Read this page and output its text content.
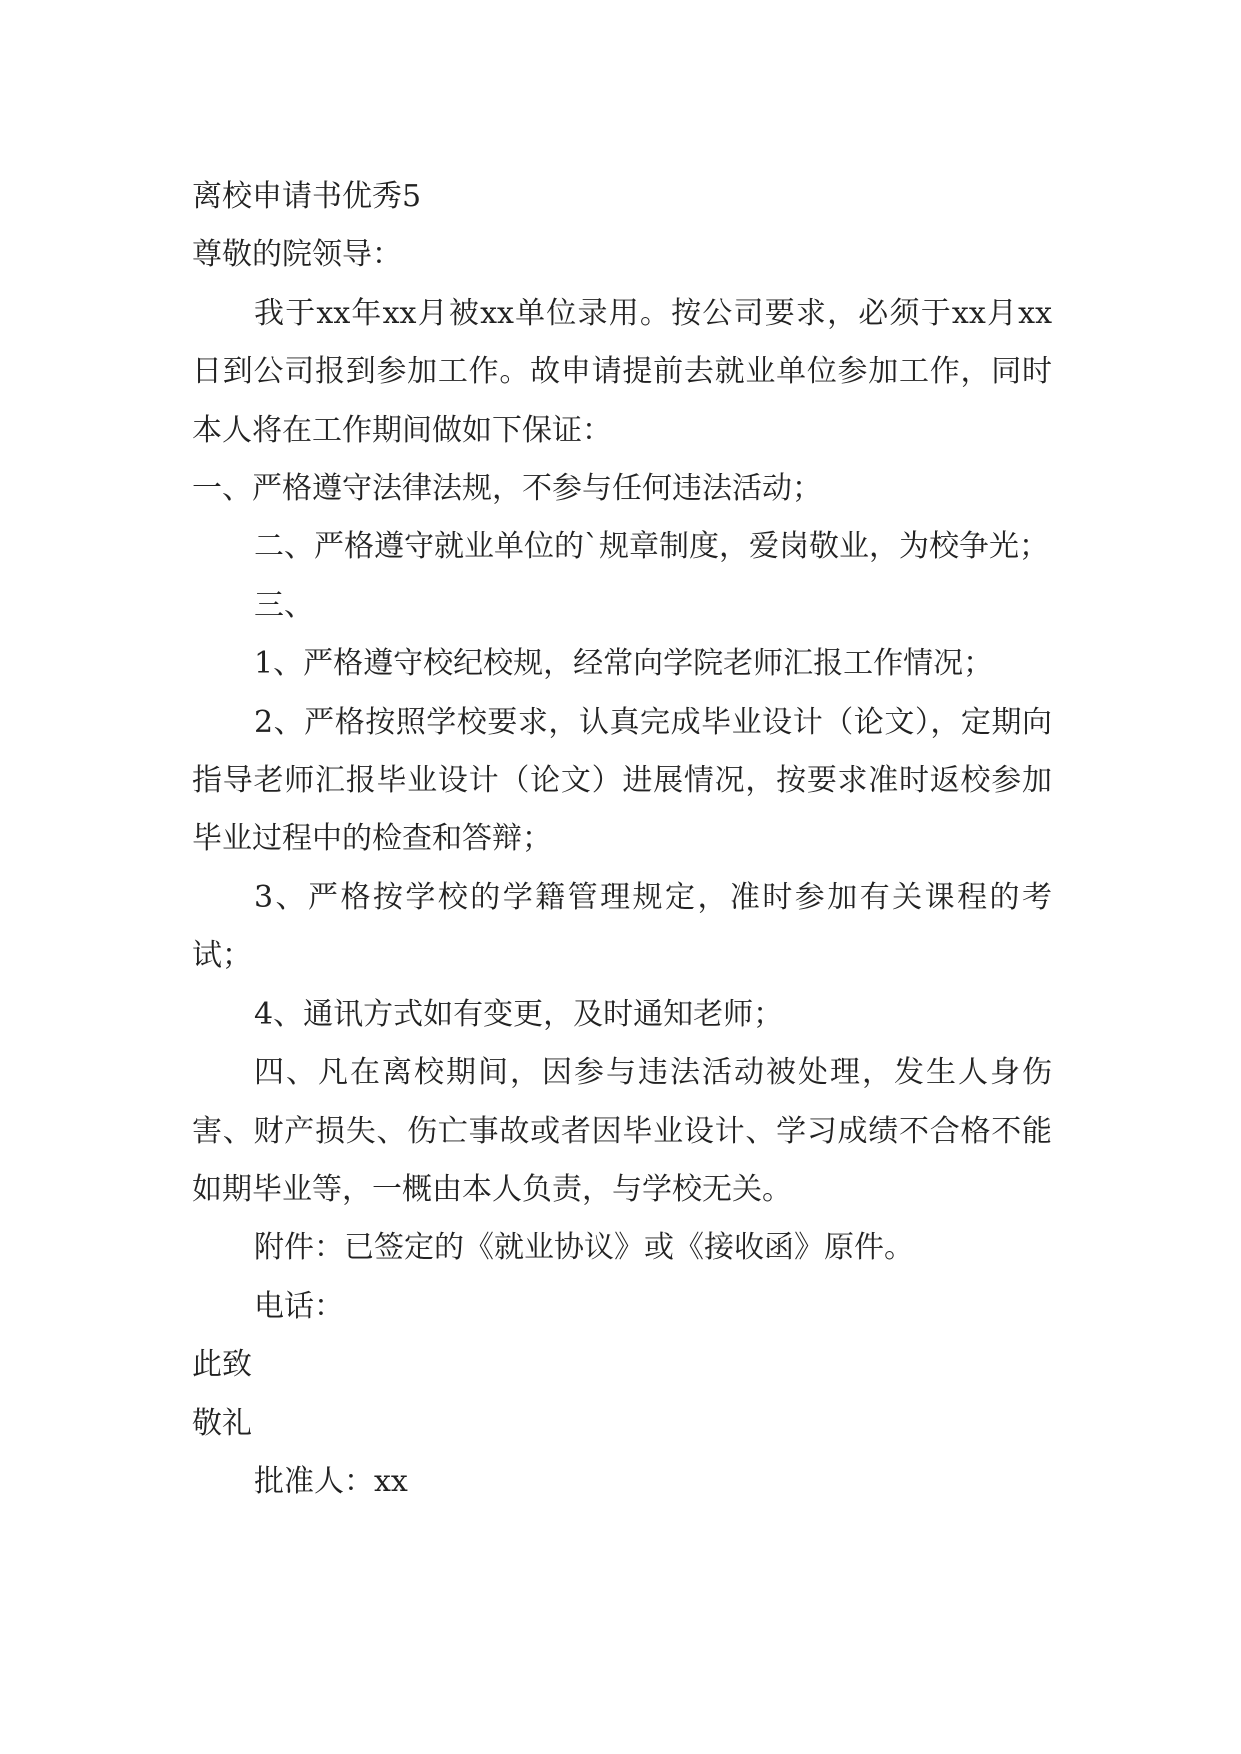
离校申请书优秀5

尊敬的院领导：

我于xx年xx月被xx单位录用。按公司要求，必须于xx月xx日到公司报到参加工作。故申请提前去就业单位参加工作，同时本人将在工作期间做如下保证：

一、严格遵守法律法规，不参与任何违法活动；

二、严格遵守就业单位的`规章制度，爱岗敬业，为校争光；

三、

1、严格遵守校纪校规，经常向学院老师汇报工作情况；

2、严格按照学校要求，认真完成毕业设计（论文），定期向指导老师汇报毕业设计（论文）进展情况，按要求准时返校参加毕业过程中的检查和答辩；

3、严格按学校的学籍管理规定，准时参加有关课程的考试；

4、通讯方式如有变更，及时通知老师；

四、凡在离校期间，因参与违法活动被处理，发生人身伤害、财产损失、伤亡事故或者因毕业设计、学习成绩不合格不能如期毕业等，一概由本人负责，与学校无关。

附件：已签定的《就业协议》或《接收函》原件。

电话：

此致

敬礼

批准人：xx
